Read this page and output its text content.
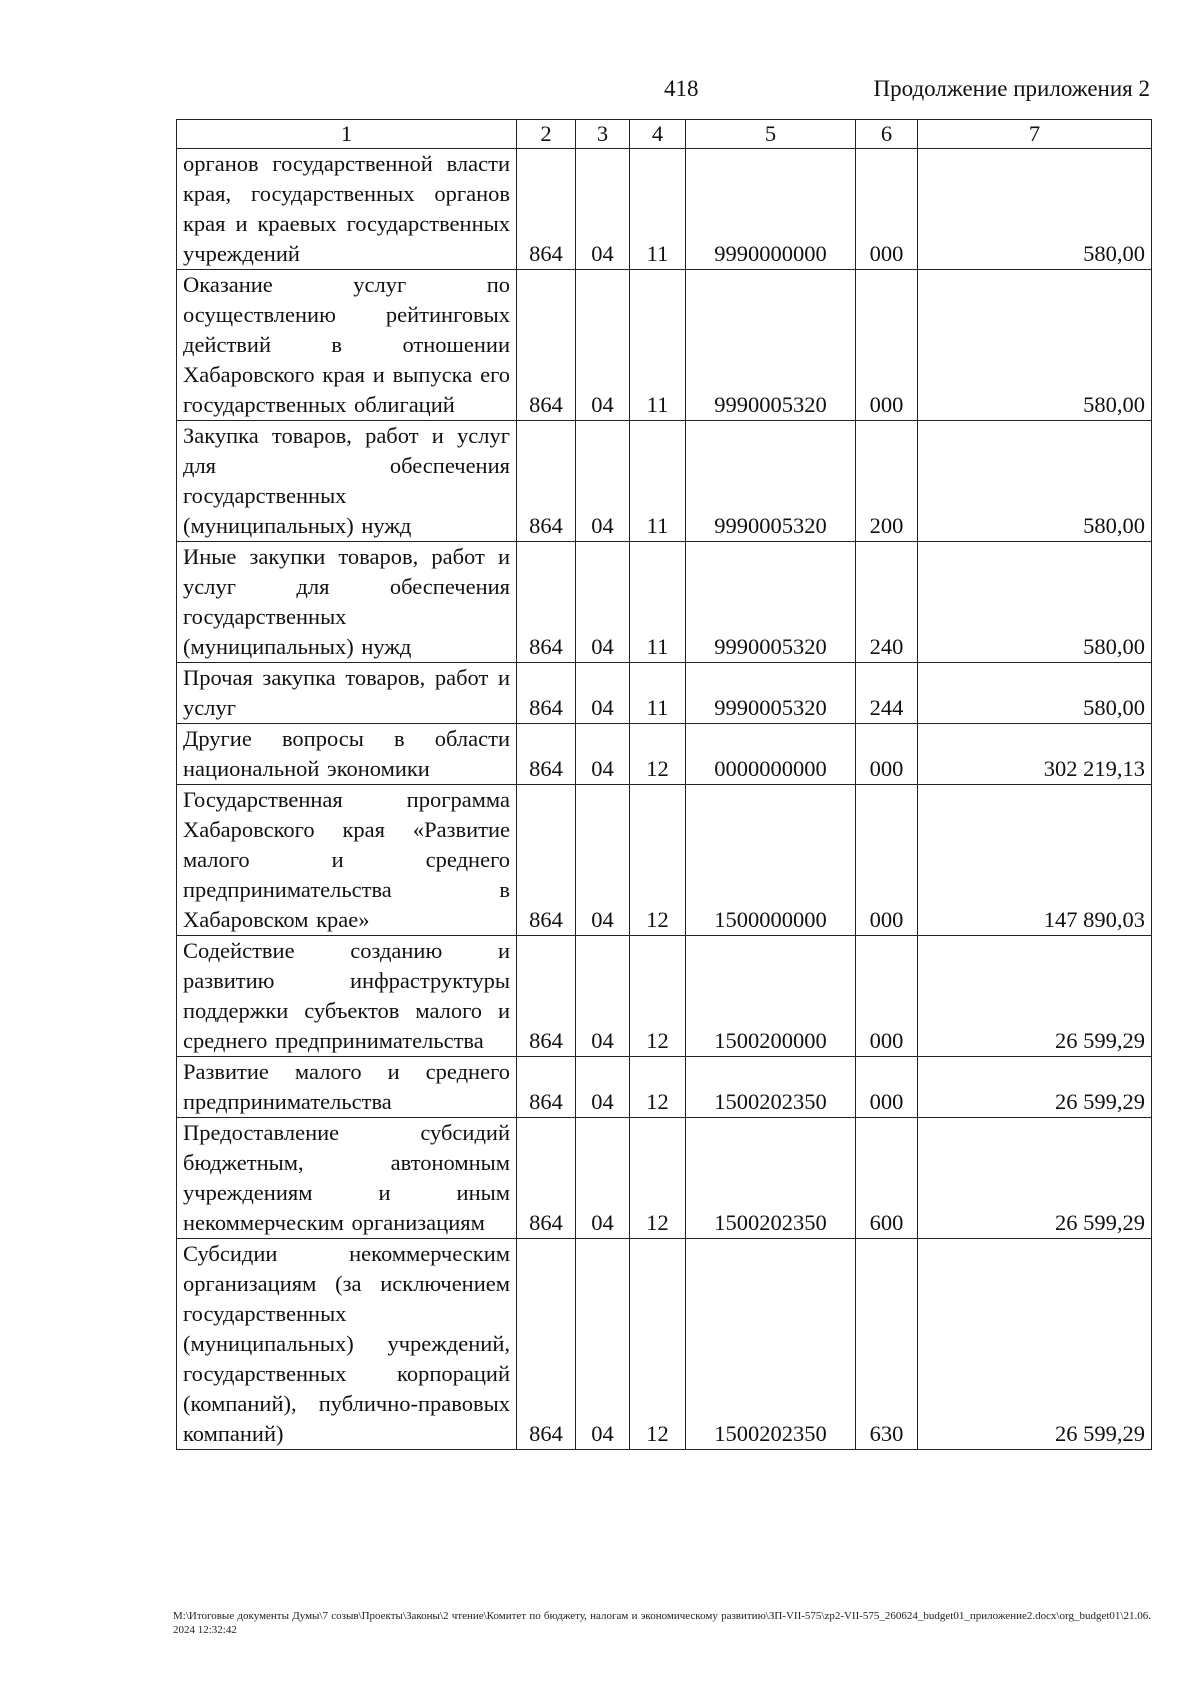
418	Продолжение приложения 2
1	2	3	4	5	6	7
органов государственной власти края, государственных органов края и краевых государственных учреждений	864	04	11	9990000000	000	580,00
Оказание услуг по осуществлению рейтинговых действий в отношении Хабаровского края и выпуска его государственных облигаций	864	04	11	9990005320	000	580,00
Закупка товаров, работ и услуг для обеспечения государственных (муниципальных) нужд	864	04	11	9990005320	200	580,00
Иные закупки товаров, работ и услуг для обеспечения государственных (муниципальных) нужд	864	04	11	9990005320	240	580,00
Прочая закупка товаров, работ и услуг	864	04	11	9990005320	244	580,00
Другие вопросы в области национальной экономики	864	04	12	0000000000	000	302 219,13
Государственная программа Хабаровского края «Развитие малого и среднего предпринимательства в Хабаровском крае»	864	04	12	1500000000	000	147 890,03
Содействие созданию и развитию инфраструктуры поддержки субъектов малого и среднего предпринимательства	864	04	12	1500200000	000	26 599,29
Развитие малого и среднего предпринимательства	864	04	12	1500202350	000	26 599,29
Предоставление субсидий бюджетным, автономным учреждениям и иным некоммерческим организациям	864	04	12	1500202350	600	26 599,29
Субсидии некоммерческим организациям (за исключением государственных (муниципальных) учреждений, государственных корпораций (компаний), публично-правовых компаний)	864	04	12	1500202350	630	26 599,29
М:\Итоговые документы Думы\7 созыв\Проекты\Законы\2 чтение\Комитет по бюджету, налогам и экономическому развитию\ЗП-VII-575\zp2-VII-575_260624_budget01_приложение2.docx\org_budget01\21.06.2024 12:32:42
